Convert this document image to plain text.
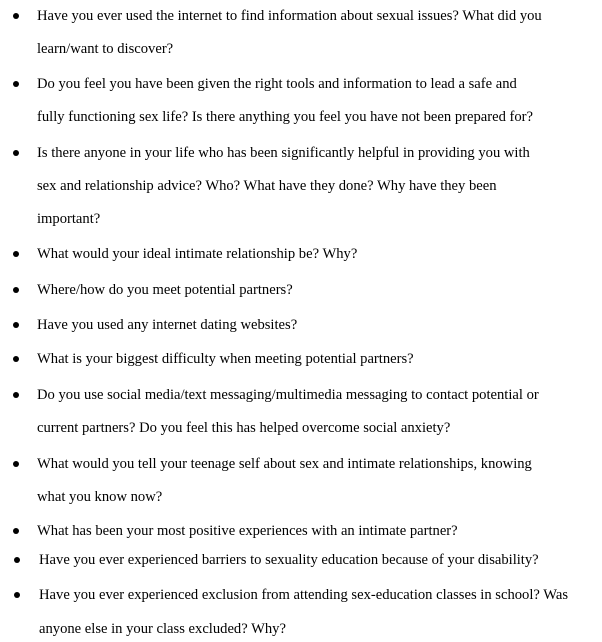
Have you ever used the internet to find information about sexual issues? What did you
learn/want to discover?
Do you feel you have been given the right tools and information to lead a safe and
fully functioning sex life? Is there anything you feel you have not been prepared for?
Is there anyone in your life who has been significantly helpful in providing you with
sex and relationship advice? Who? What have they done? Why have they been
important?
What would your ideal intimate relationship be? Why?
Where/how do you meet potential partners?
Have you used any internet dating websites?
What is your biggest difficulty when meeting potential partners?
Do you use social media/text messaging/multimedia messaging to contact potential or
current partners? Do you feel this has helped overcome social anxiety?
What would you tell your teenage self about sex and intimate relationships, knowing
what you know now?
What has been your most positive experiences with an intimate partner?
Have you ever experienced barriers to sexuality education because of your disability?
Have you ever experienced exclusion from attending sex-education classes in school? Was
anyone else in your class excluded? Why?
